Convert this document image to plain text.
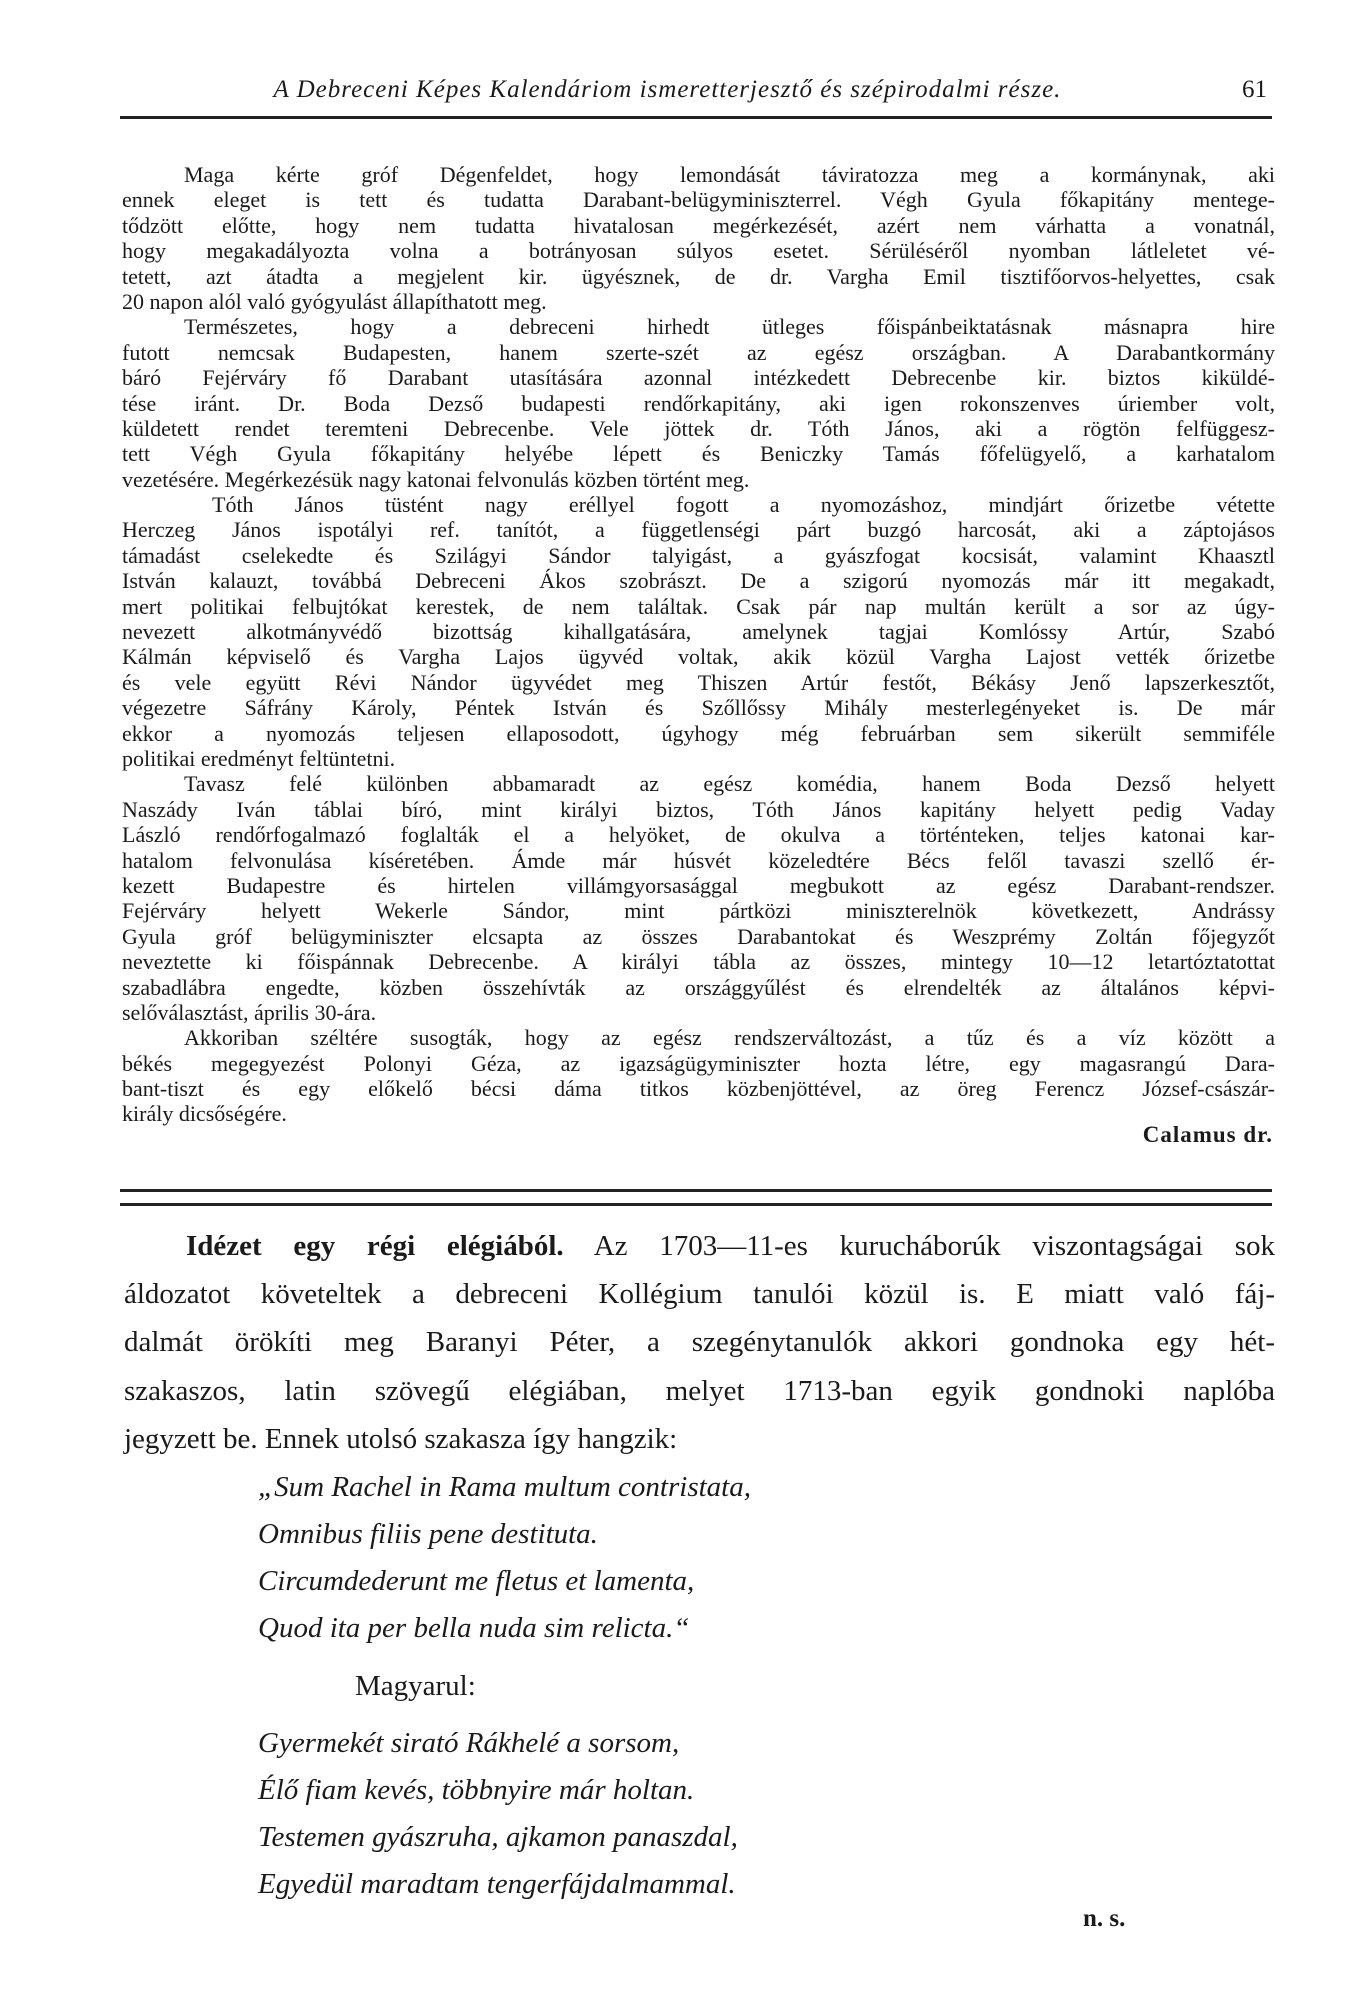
A Debreceni Képes Kalendáriom ismeretterjesztő és szépirodalmi része.	61
Maga kérte gróf Dégenfeldet, hogy lemondását táviratozza meg a kormánynak, aki
ennek eleget is tett és tudatta Darabant-belügyminiszterrel. Végh Gyula főkapitány mentege-
tődzött előtte, hogy nem tudatta hivatalosan megérkezését, azért nem várhatta a vonatnál,
hogy megakadályozta volna a botrányosan súlyos esetet. Sérüléséről nyomban látleletet vé-
tetett, azt átadta a megjelent kir. ügyésznek, de dr. Vargha Emil tisztifőorvos-helyettes, csak
20 napon alól való gyógyulást állapíthatott meg.
Természetes, hogy a debreceni hirhedt ütleges főispánbeiktatásnak másnapra hire
futott nemcsak Budapesten, hanem szerte-szét az egész országban. A Darabantkormány
báró Fejérváry fő Darabant utasítására azonnal intézkedett Debrecenbe kir. biztos kiküldé-
tése iránt. Dr. Boda Dezső budapesti rendőrkapitány, aki igen rokonszenves úriember volt,
küldetett rendet teremteni Debrecenbe. Vele jöttek dr. Tóth János, aki a rögtön felfüggesz-
tett Végh Gyula főkapitány helyébe lépett és Beniczky Tamás főfelügyelő, a karhatalom
vezetésére. Megérkezésük nagy katonai felvonulás közben történt meg.
Tóth János tüstént nagy eréllyel fogott a nyomozáshoz, mindjárt őrizetbe vétette
Herczeg János ispotályi ref. tanítót, a függetlenségi párt buzgó harcosát, aki a záptojásos
támadást cselekedte és Szilágyi Sándor talyigást, a gyászfogat kocsisát, valamint Khaasztl
István kalauzt, továbbá Debreceni Ákos szobrászt. De a szigorú nyomozás már itt megakadt,
mert politikai felbujtókat kerestek, de nem találtak. Csak pár nap multán került a sor az úgy-
nevezett alkotmányvédő bizottság kihallgatására, amelynek tagjai Komlóssy Artúr, Szabó
Kálmán képviselő és Vargha Lajos ügyvéd voltak, akik közül Vargha Lajost vették őrizetbe
és vele együtt Révi Nándor ügyvédet meg Thiszen Artúr festőt, Békásy Jenő lapszerkesztőt,
végezetre Sáfrány Károly, Péntek István és Szőllőssy Mihály mesterlegényeket is. De már
ekkor a nyomozás teljesen ellaposodott, úgyhogy még februárban sem sikerült semmiféle
politikai eredményt feltüntetni.
Tavasz felé különben abbamaradt az egész komédia, hanem Boda Dezső helyett
Naszády Iván táblai bíró, mint királyi biztos, Tóth János kapitány helyett pedig Vaday
László rendőrfogalmazó foglalták el a helyöket, de okulva a történteken, teljes katonai kar-
hatalom felvonulása kíséretében. Ámde már húsvét közeledtére Bécs felől tavaszi szellő ér-
kezett Budapestre és hirtelen villámgyorsasággal megbukott az egész Darabant-rendszer.
Fejérváry helyett Wekerle Sándor, mint pártközi miniszterelnök következett, Andrássy
Gyula gróf belügyminiszter elcsapta az összes Darabantokat és Weszprémy Zoltán főjegyzőt
neveztette ki főispánnak Debrecenbe. A királyi tábla az összes, mintegy 10—12 letartóztatottat
szabadlábra engedte, közben összehívták az országgyűlést és elrendelték az általános képvi-
selőválasztást, április 30-ára.
Akkoriban széltére susogták, hogy az egész rendszerváltozást, a tűz és a víz között a
békés megegyezést Polonyi Géza, az igazságügyminiszter hozta létre, egy magasrangú Dara-
bant-tiszt és egy előkelő bécsi dáma titkos közbenjöttével, az öreg Ferencz József-császár-
király dicsőségére.
Calamus dr.
Idézet egy régi elégiából. Az 1703—11-es kurucháborúk viszontagságai sok
áldozatot követeltek a debreceni Kollégium tanulói közül is. E miatt való fáj-
dalmát örökíti meg Baranyi Péter, a szegénytanulók akkori gondnoka egy hét-
szakaszos, latin szövegű elégiában, melyet 1713-ban egyik gondnoki naplóba
jegyzett be. Ennek utolsó szakasza így hangzik:
„Sum Rachel in Rama multum contristata,
Omnibus filiis pene destituta.
Circumdederunt me fletus et lamenta,
Quod ita per bella nuda sim relicta.“
Magyarul:
Gyermekét sirató Rákhelé a sorsom,
Élő fiam kevés, többnyire már holtan.
Testemen gyászruha, ajkamon panaszdal,
Egyedül maradtam tengerfájdalmammal.
n. s.
